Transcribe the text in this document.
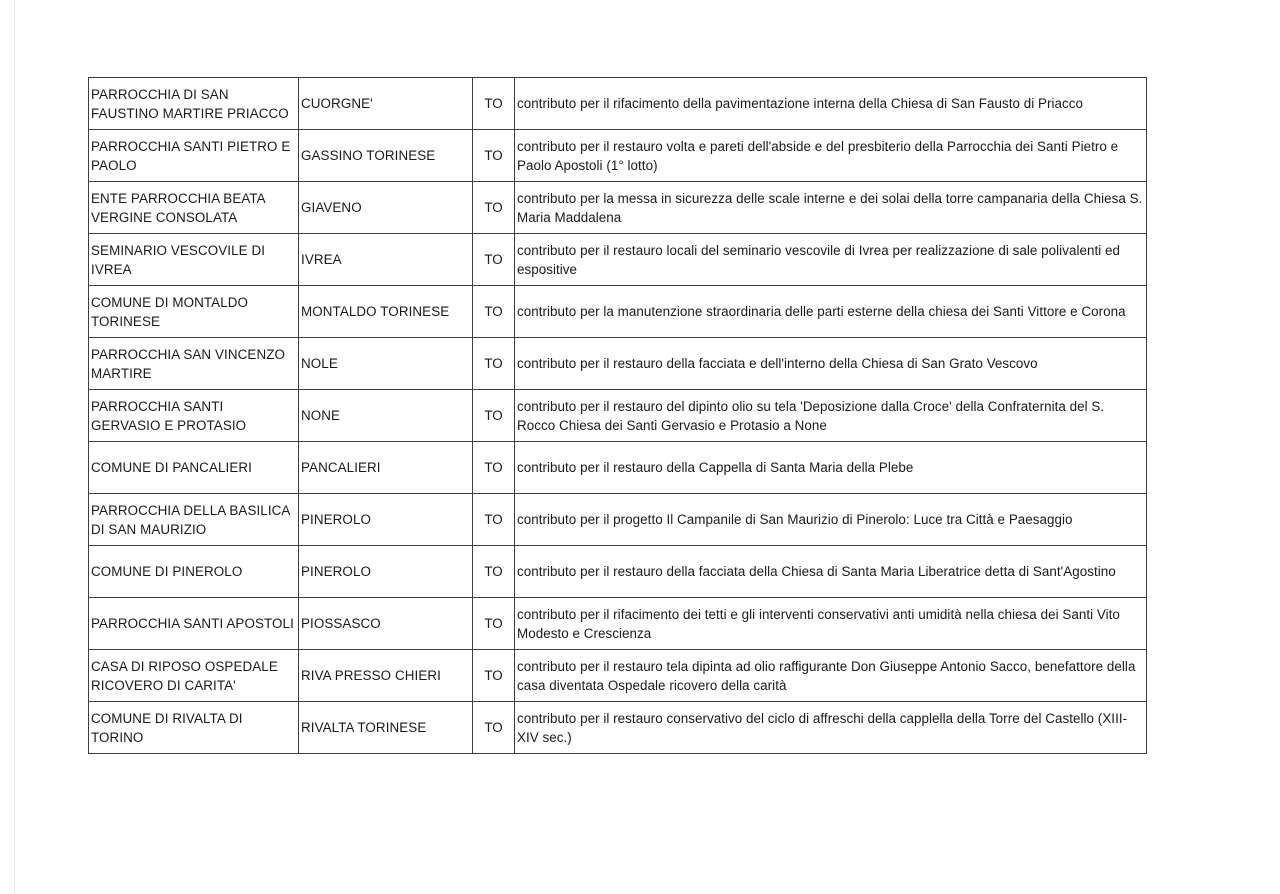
PARROCCHIA DI SAN FAUSTINO MARTIRE PRIACCO	CUORGNE'	TO	contributo per il rifacimento della pavimentazione interna della Chiesa di San Fausto di Priacco
PARROCCHIA SANTI PIETRO E PAOLO	GASSINO TORINESE	TO	contributo per il restauro volta e pareti dell'abside e del presbiterio della Parrocchia dei Santi Pietro e Paolo Apostoli (1° lotto)
ENTE PARROCCHIA BEATA VERGINE CONSOLATA	GIAVENO	TO	contributo per la messa in sicurezza delle scale interne e dei solai della torre campanaria della Chiesa S. Maria Maddalena
SEMINARIO VESCOVILE DI IVREA	IVREA	TO	contributo per il restauro locali del seminario vescovile di Ivrea per realizzazione di sale polivalenti ed espositive
COMUNE DI MONTALDO TORINESE	MONTALDO TORINESE	TO	contributo per la manutenzione straordinaria delle parti esterne della chiesa dei Santi Vittore e Corona
PARROCCHIA SAN VINCENZO MARTIRE	NOLE	TO	contributo per il restauro della facciata e dell'interno della Chiesa di San Grato Vescovo
PARROCCHIA SANTI GERVASIO E PROTASIO	NONE	TO	contributo per il restauro del dipinto olio su tela 'Deposizione dalla Croce' della Confraternita del S. Rocco Chiesa dei Santi Gervasio e Protasio a None
COMUNE DI PANCALIERI	PANCALIERI	TO	contributo per il restauro della Cappella di Santa Maria della Plebe
PARROCCHIA DELLA BASILICA DI SAN MAURIZIO	PINEROLO	TO	contributo per il progetto Il Campanile di San Maurizio di Pinerolo: Luce tra Città e Paesaggio
COMUNE DI PINEROLO	PINEROLO	TO	contributo per il restauro della facciata della Chiesa di Santa Maria Liberatrice detta di Sant'Agostino
PARROCCHIA SANTI APOSTOLI	PIOSSASCO	TO	contributo per il rifacimento dei tetti e gli interventi conservativi anti umidità nella chiesa dei Santi Vito Modesto e Crescienza
CASA DI RIPOSO OSPEDALE RICOVERO DI CARITA'	RIVA PRESSO CHIERI	TO	contributo per il restauro tela dipinta ad olio raffigurante Don Giuseppe Antonio Sacco, benefattore della casa diventata Ospedale ricovero della carità
COMUNE DI RIVALTA DI TORINO	RIVALTA TORINESE	TO	contributo per il restauro conservativo del ciclo di affreschi della capplella della Torre del Castello (XIII-XIV sec.)
